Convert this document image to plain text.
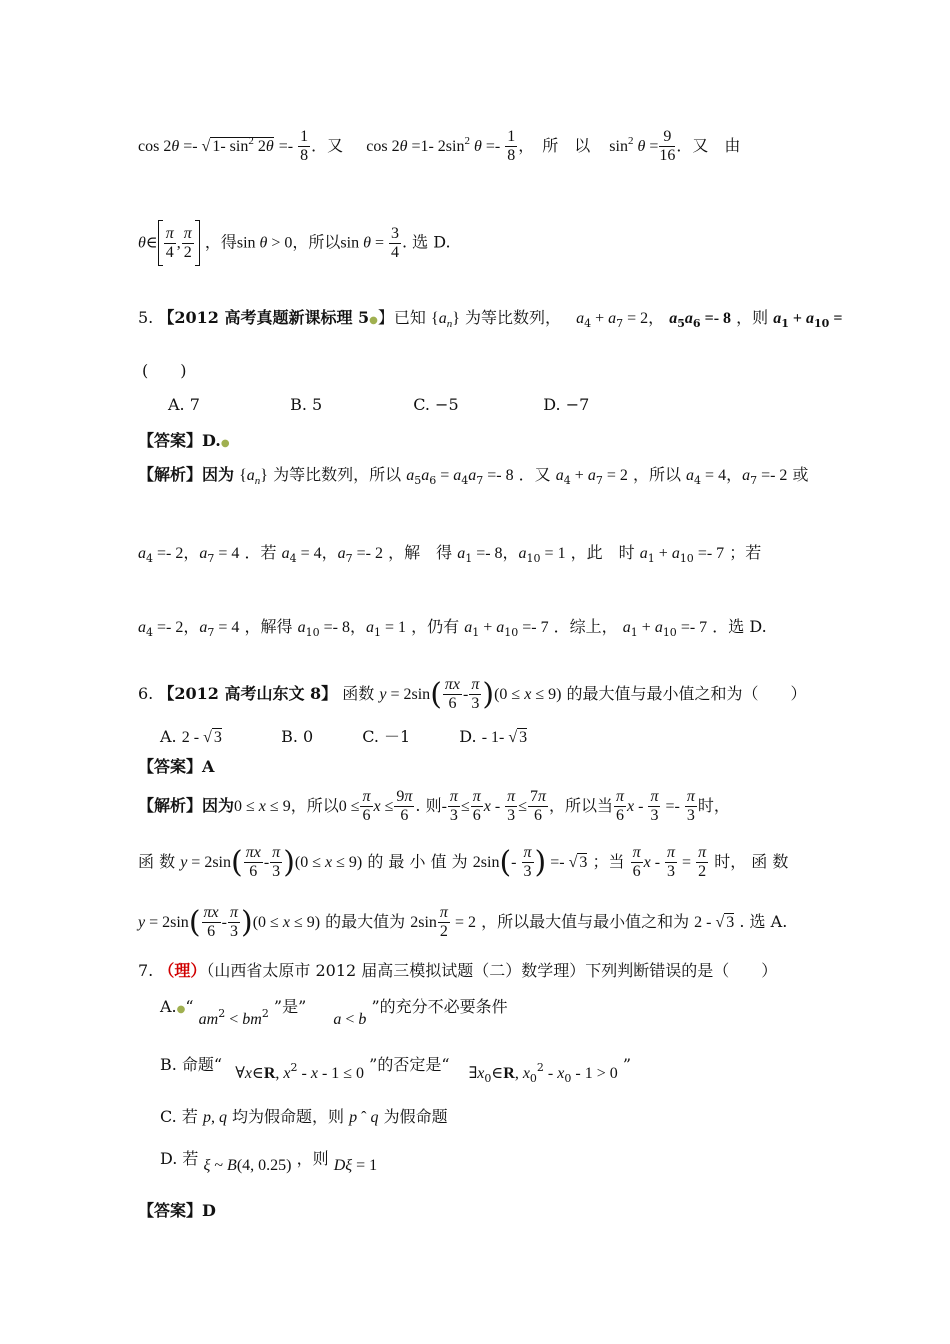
cos 2θ =- √ 1- $\sin^2 2\theta =- \frac{1}{8}$ ．又 cos 2θ =1- $2\sin^2$ $\theta =- \frac{1}{8}$ ，　所　以 $\sin^2 \theta = \frac{9}{16}$ ．又　由
θ∈ $\frac{\pi}{4}$ , $\frac{\pi}{2}$ ，得sin θ > 0，所以$\sin \theta = \frac{3}{4}$ . 选 D.
5. 【2012 高考真题新课标理 5●】已知 $\{a_n\}$ 为等比数列， $a_4 + a_7 = 2$， $a_5a_6 =- 8$ ，则 $a_1 + a_{10}$ =
(　　)
A. 7	B. 5	C. −5	D. −7
【答案】D.●
【解析】因为 $\{a_n\}$ 为等比数列，所以 $a_5a_6 = a_4a_7 =- 8$ ．又 $a_4 + a_7 = 2$ ，所以 $a_4 = 4$，$a_7 =- 2$ 或
$a_4 =- 2$，$a_7 = 4$ ．若 $a_4 = 4$，$a_7 =- 2$ ，解　得 $a_1 =- 8$，$a_{10} = 1$ ，此　时 $a_1 + a_{10} =- 7$ ；若
$a_4 =- 2$，$a_7 = 4$ ，解得 $a_{10} =- 8$，$a_1 = 1$ ，仍有 $a_1 + a_{10} =- 7$ ．综上， $a_1 + a_{10} =- 7$ ．选 D.
6. 【2012 高考山东文 8】 函数 $y = 2\sin( \frac{\pi x}{6} - \frac{\pi}{3} )(0 \le x \le 9)$ 的最大值与最小值之和为（　　）
A. 2 - √ 3	B. 0	C. －1	D. - 1- √ 3
【答案】A
【解析】因为0 ≤ x ≤ 9，所以$0 \le \frac{\pi}{6}$ $x \le \frac{9\pi}{6}$ . 则- $\frac{\pi}{3} \le \frac{\pi}{6}$ $x - \frac{\pi}{3} \le \frac{7\pi}{6}$ ，所以当 $\frac{\pi}{6}$ $x - \frac{\pi}{3} =- \frac{\pi}{3}$ 时，
函 数 $y = 2\sin( \frac{\pi x}{6} - \frac{\pi}{3} )(0 \le x \le 9)$ 的 最 小 值 为 $2\sin(- \frac{\pi}{3}$ ) =- √ 3 ；当 $\frac{\pi}{6}$ $x - \frac{\pi}{3} = \frac{\pi}{2}$ 时， 函 数
$y = 2\sin( \frac{\pi x}{6} - \frac{\pi}{3} )(0 \le x \le 9)$ 的最大值为 $2\sin \frac{\pi}{2} = 2$ ，所以最大值与最小值之和为 2 - √ 3 . 选 A.
7. （理）（山西省太原市 2012 届高三模拟试题（二）数学理）下列判断错误的是（　　）
A.●“ $am_2 < bm_2$ ”是” a < b ”的充分不必要条件
B. 命题“ ∀x∈R, $x^2 - x - 1 \le 0$ ”的否定是“ $\exists x_0\in R$, $x_0^2 - x_0 - 1 > 0$ ”
C. 若 p, q 均为假命题，则 p ˆ q 为假命题
D. 若 ξ ~ B(4, 0.25) ，则 Dξ = 1
【答案】D
